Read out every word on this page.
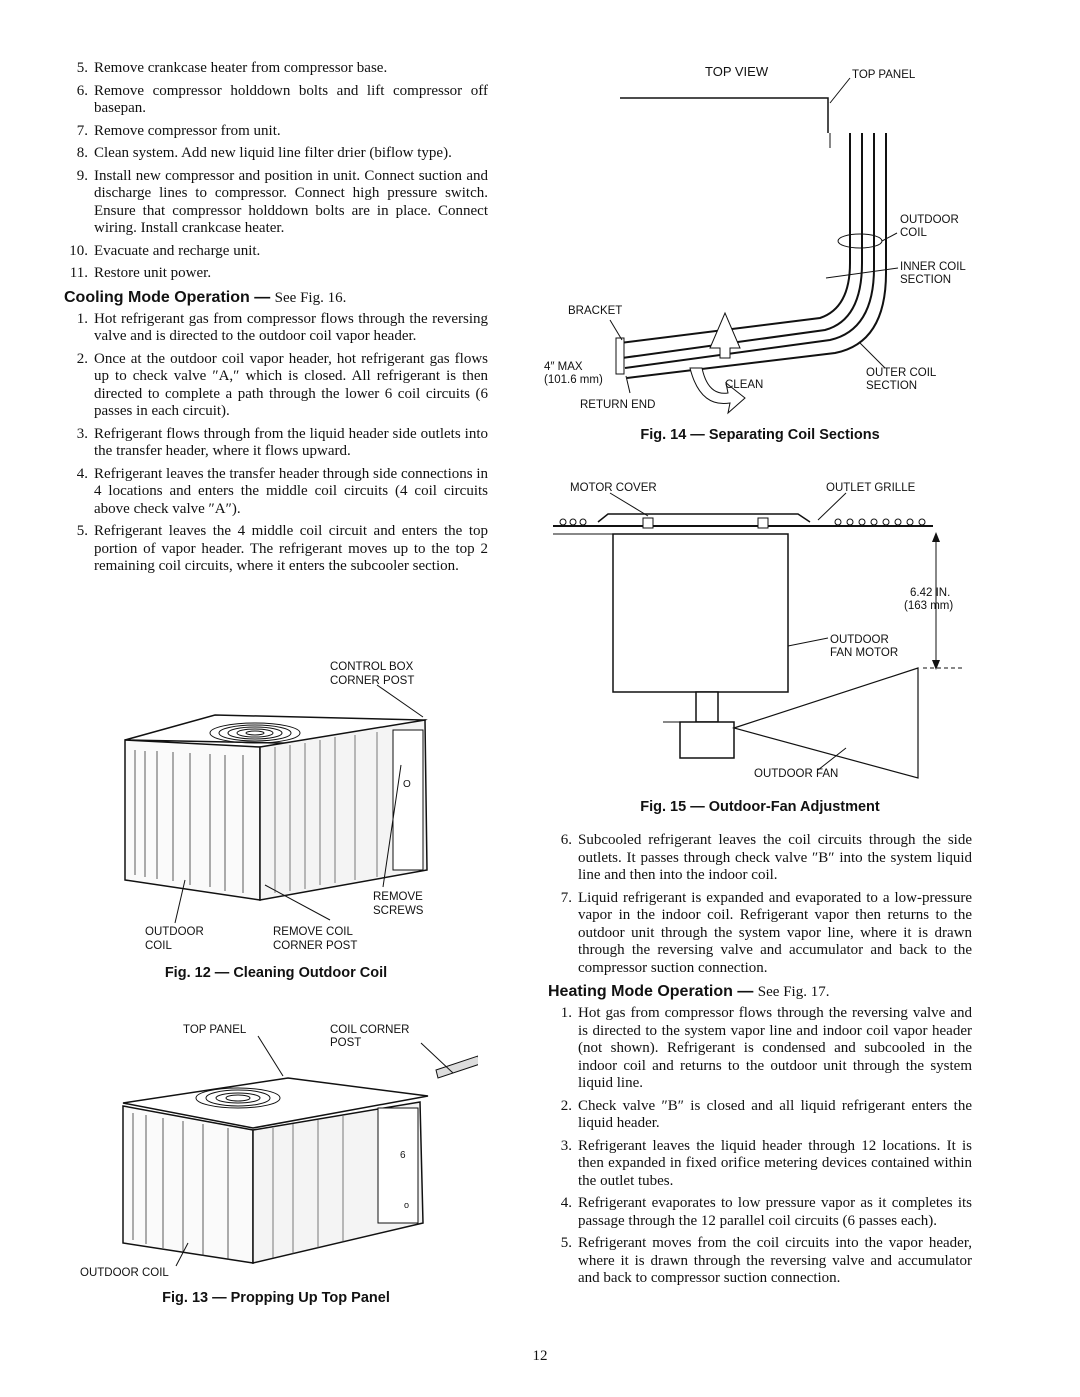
5. Remove crankcase heater from compressor base.
6. Remove compressor holddown bolts and lift compressor off basepan.
7. Remove compressor from unit.
8. Clean system. Add new liquid line filter drier (biflow type).
9. Install new compressor and position in unit. Connect suction and discharge lines to compressor. Connect high pressure switch. Ensure that compressor holddown bolts are in place. Connect wiring. Install crankcase heater.
10. Evacuate and recharge unit.
11. Restore unit power.
Cooling Mode Operation — See Fig. 16.
1. Hot refrigerant gas from compressor flows through the reversing valve and is directed to the outdoor coil vapor header.
2. Once at the outdoor coil vapor header, hot refrigerant gas flows up to check valve ″A,″ which is closed. All refrigerant is then directed to complete a path through the lower 6 coil circuits (6 passes in each circuit).
3. Refrigerant flows through from the liquid header side outlets into the transfer header, where it flows upward.
4. Refrigerant leaves the transfer header through side connections in 4 locations and enters the middle coil circuits (4 coil circuits above check valve ″A″).
5. Refrigerant leaves the 4 middle coil circuit and enters the top portion of vapor header. The refrigerant moves up to the top 2 remaining coil circuits, where it enters the subcooler section.
O
CONTROL BOX
CORNER POST
REMOVE
SCREWS
OUTDOOR
COIL
REMOVE COIL
CORNER POST
Fig. 12 — Cleaning Outdoor Coil
6
o
TOP PANEL	COIL CORNER
POST
OUTDOOR COIL
Fig. 13 — Propping Up Top Panel
TOP VIEW	TOP PANEL
OUTDOOR
COIL
INNER COIL
SECTION
BRACKET
4″ MAX
(101.6 mm)	CLEAN
OUTER COIL
SECTION
RETURN END
Fig. 14 — Separating Coil Sections
MOTOR COVER	OUTLET GRILLE
6.42 IN.
(163 mm)
OUTDOOR
FAN MOTOR
OUTDOOR FAN
Fig. 15 — Outdoor-Fan Adjustment
6. Subcooled refrigerant leaves the coil circuits through the side outlets. It passes through check valve ″B″ into the system liquid line and then into the indoor coil.
7. Liquid refrigerant is expanded and evaporated to a low-pressure vapor in the indoor coil. Refrigerant vapor then returns to the outdoor unit through the system vapor line, where it is drawn through the reversing valve and accumulator and back to the compressor suction connection.
Heating Mode Operation — See Fig. 17.
1. Hot gas from compressor flows through the reversing valve and is directed to the system vapor line and indoor coil vapor header (not shown). Refrigerant is condensed and subcooled in the indoor coil and returns to the outdoor unit through the system liquid line.
2. Check valve ″B″ is closed and all liquid refrigerant enters the liquid header.
3. Refrigerant leaves the liquid header through 12 locations. It is then expanded in fixed orifice metering devices contained within the outlet tubes.
4. Refrigerant evaporates to low pressure vapor as it completes its passage through the 12 parallel coil circuits (6 passes each).
5. Refrigerant moves from the coil circuits into the vapor header, where it is drawn through the reversing valve and accumulator and back to compressor suction connection.
12
